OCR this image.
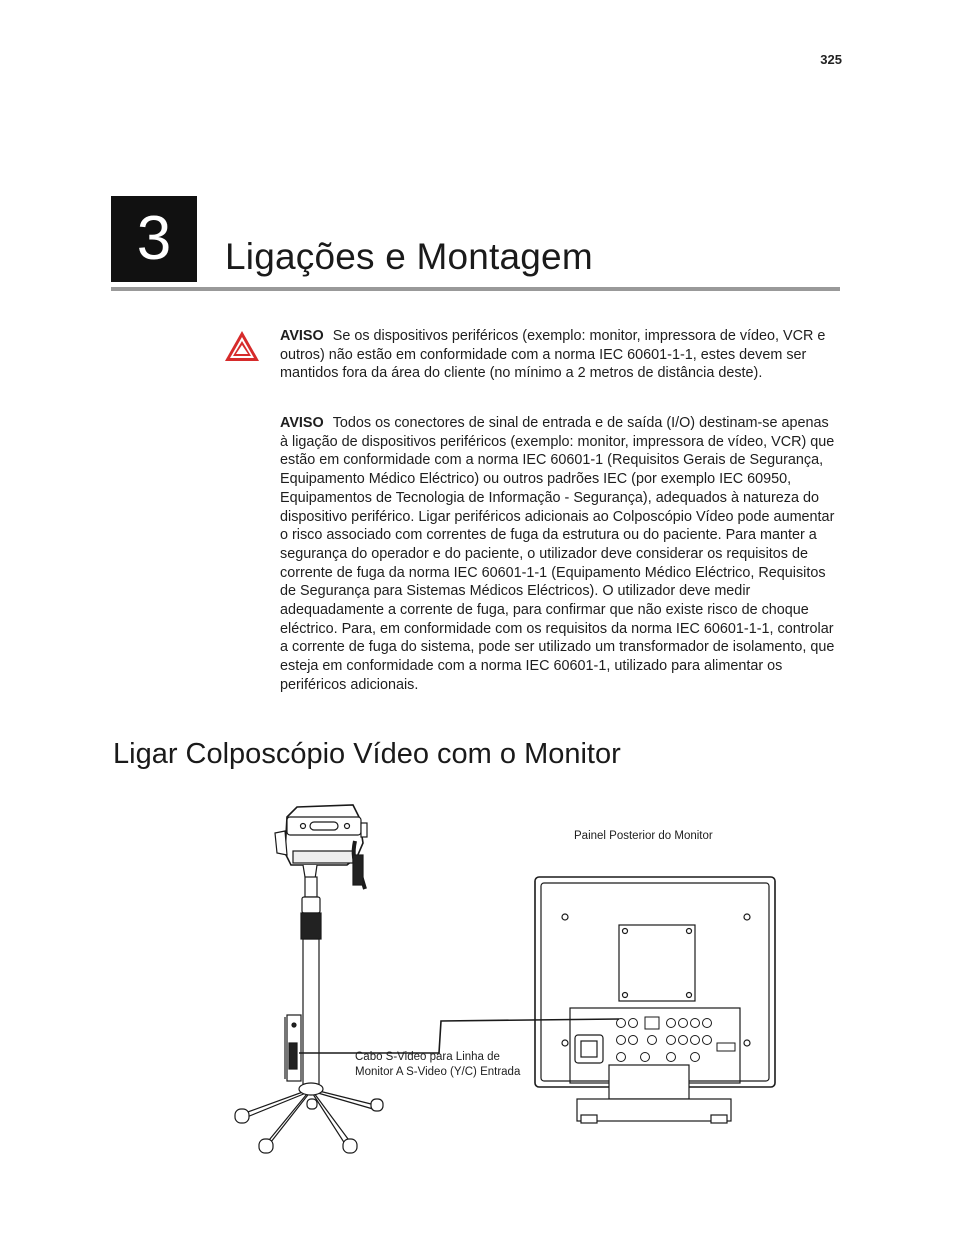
325
3	Ligações e Montagem
AVISO Se os dispositivos periféricos (exemplo: monitor, impressora de vídeo, VCR e outros) não estão em conformidade com a norma IEC 60601-1-1, estes devem ser mantidos fora da área do cliente (no mínimo a 2 metros de distância deste).
AVISO Todos os conectores de sinal de entrada e de saída (I/O) destinam-se apenas à ligação de dispositivos periféricos (exemplo: monitor, impressora de vídeo, VCR) que estão em conformidade com a norma IEC 60601-1 (Requisitos Gerais de Segurança, Equipamento Médico Eléctrico) ou outros padrões IEC (por exemplo IEC 60950, Equipamentos de Tecnologia de Informação - Segurança), adequados à natureza do dispositivo periférico. Ligar periféricos adicionais ao Colposcópio Vídeo pode aumentar o risco associado com correntes de fuga da estrutura ou do paciente. Para manter a segurança do operador e do paciente, o utilizador deve considerar os requisitos de corrente de fuga da norma IEC 60601-1-1 (Equipamento Médico Eléctrico, Requisitos de Segurança para Sistemas Médicos Eléctricos). O utilizador deve medir adequadamente a corrente de fuga, para confirmar que não existe risco de choque eléctrico. Para, em conformidade com os requisitos da norma IEC 60601-1-1, controlar a corrente de fuga do sistema, pode ser utilizado um transformador de isolamento, que esteja em conformidade com a norma IEC 60601-1, utilizado para alimentar os periféricos adicionais.
Ligar Colposcópio Vídeo com o Monitor
Painel Posterior do Monitor
Cabo S-Video para Linha de
Monitor A S-Video (Y/C) Entrada
